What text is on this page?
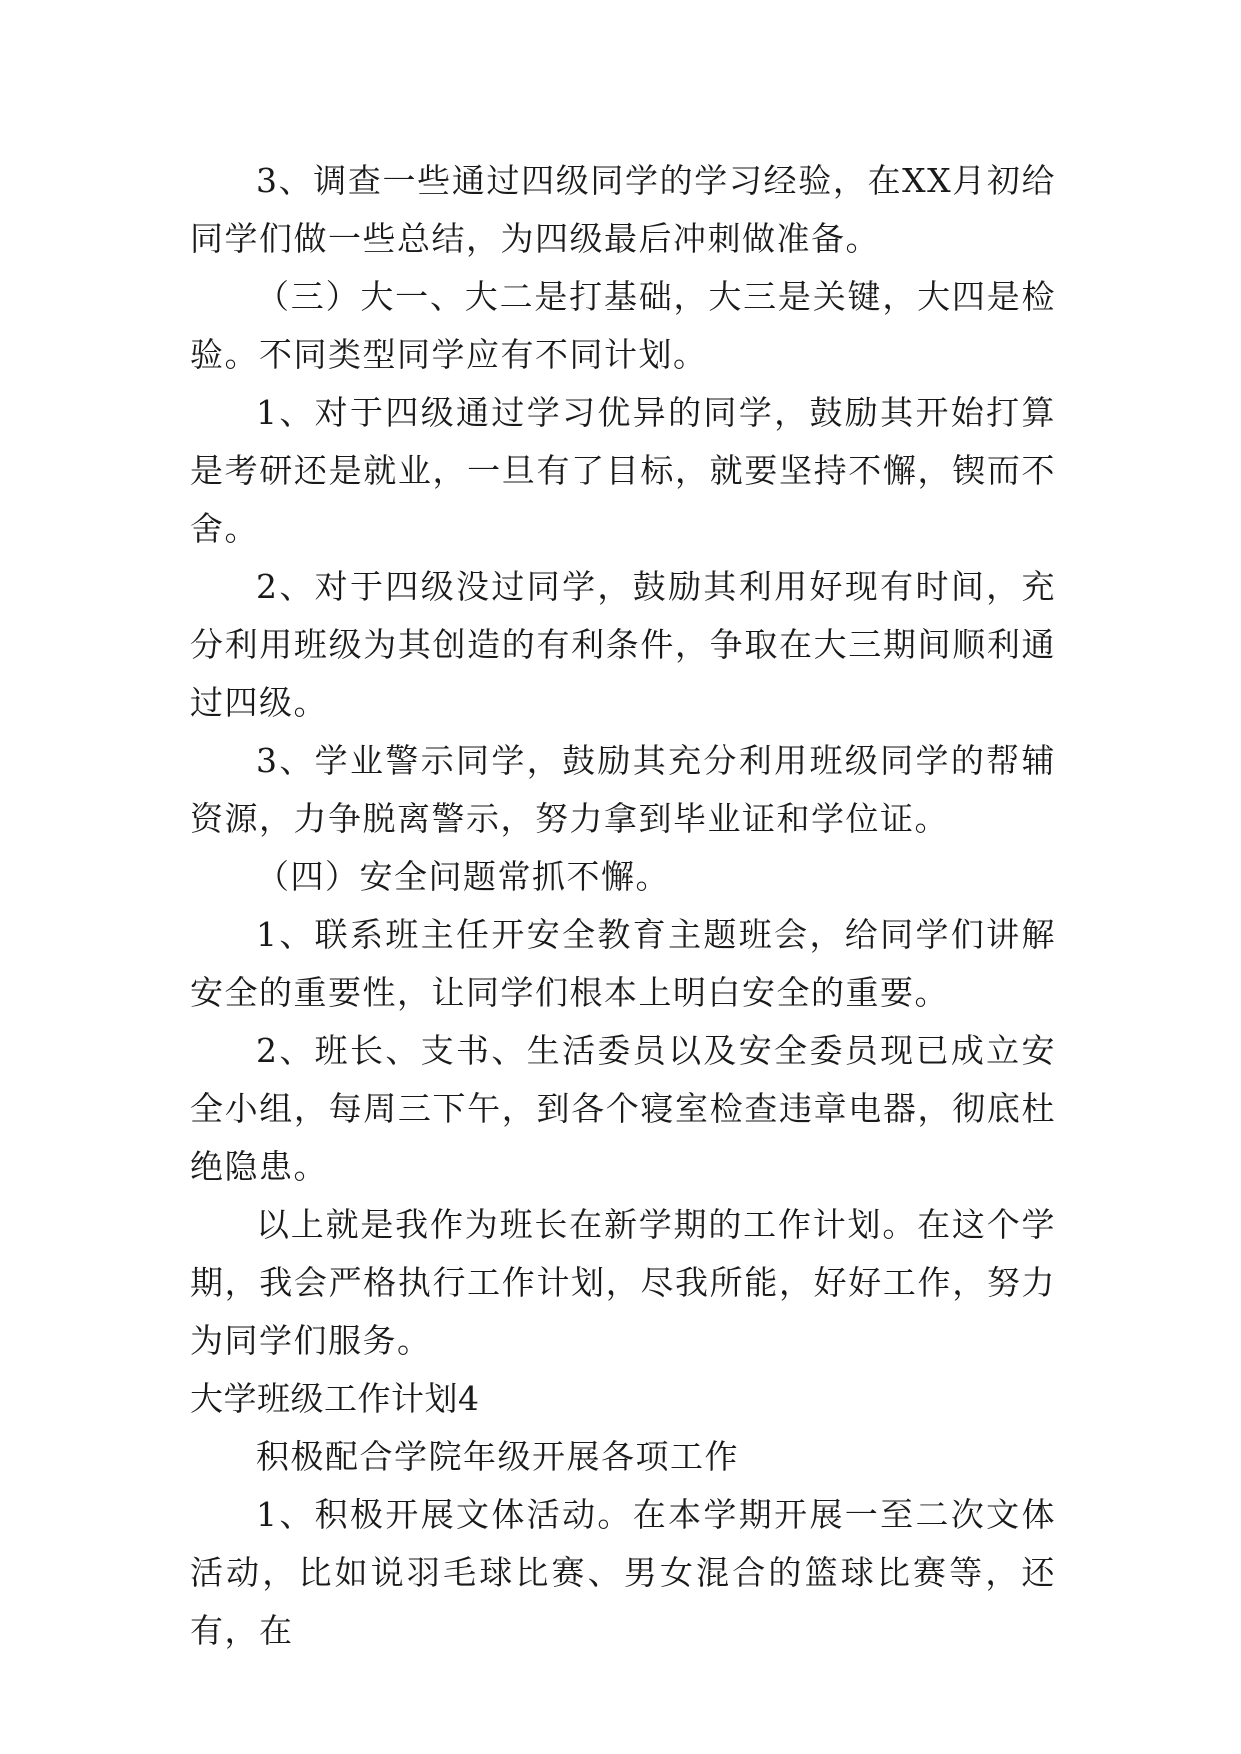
3、调查一些通过四级同学的学习经验，在XX月初给同学们做一些总结，为四级最后冲刺做准备。

（三）大一、大二是打基础，大三是关键，大四是检验。不同类型同学应有不同计划。

1、对于四级通过学习优异的同学，鼓励其开始打算是考研还是就业，一旦有了目标，就要坚持不懈，锲而不舍。

2、对于四级没过同学，鼓励其利用好现有时间，充分利用班级为其创造的有利条件，争取在大三期间顺利通过四级。

3、学业警示同学，鼓励其充分利用班级同学的帮辅资源，力争脱离警示，努力拿到毕业证和学位证。

（四）安全问题常抓不懈。

1、联系班主任开安全教育主题班会，给同学们讲解安全的重要性，让同学们根本上明白安全的重要。

2、班长、支书、生活委员以及安全委员现已成立安全小组，每周三下午，到各个寝室检查违章电器，彻底杜绝隐患。

以上就是我作为班长在新学期的工作计划。在这个学期，我会严格执行工作计划，尽我所能，好好工作，努力为同学们服务。

大学班级工作计划4

积极配合学院年级开展各项工作

1、积极开展文体活动。在本学期开展一至二次文体活动，比如说羽毛球比赛、男女混合的篮球比赛等，还有，在
